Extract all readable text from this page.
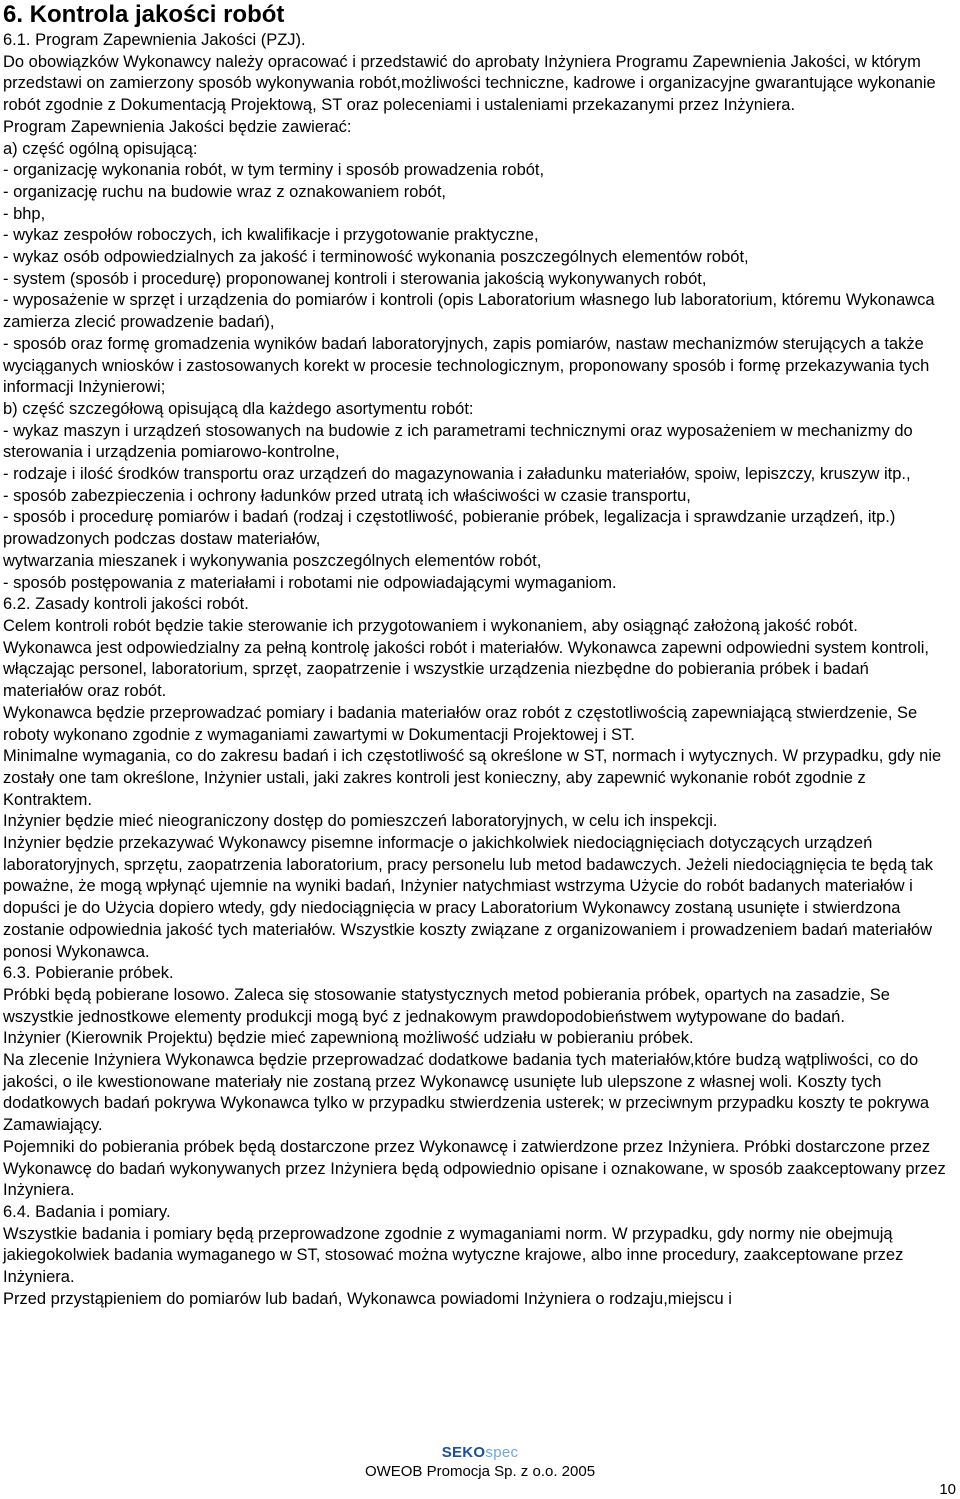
6. Kontrola jakości robót

6.1. Program Zapewnienia Jakości (PZJ).

Do obowiązków Wykonawcy należy opracować i przedstawić do aprobaty Inżyniera Programu Zapewnienia Jakości, w którym przedstawi on zamierzony sposób wykonywania robót,możliwości techniczne, kadrowe i organizacyjne gwarantujące wykonanie robót zgodnie z Dokumentacją Projektową, ST oraz poleceniami i ustaleniami przekazanymi przez Inżyniera.

Program Zapewnienia Jakości będzie zawierać:

a) część ogólną opisującą:

- organizację wykonania robót, w tym terminy i sposób prowadzenia robót,

- organizację ruchu na budowie wraz z oznakowaniem robót,

- bhp,

- wykaz zespołów roboczych, ich kwalifikacje i przygotowanie praktyczne,

- wykaz osób odpowiedzialnych za jakość i terminowość wykonania poszczególnych elementów robót,

- system (sposób i procedurę) proponowanej kontroli i sterowania jakością wykonywanych robót,

- wyposażenie w sprzęt i urządzenia do pomiarów i kontroli (opis Laboratorium własnego lub laboratorium, któremu Wykonawca zamierza zlecić prowadzenie badań),

- sposób oraz formę gromadzenia wyników badań laboratoryjnych, zapis pomiarów, nastaw mechanizmów sterujących a także wyciąganych wniosków i zastosowanych korekt w procesie technologicznym, proponowany sposób i formę przekazywania tych informacji Inżynierowi;

b) część szczegółową opisującą dla każdego asortymentu robót:

- wykaz maszyn i urządzeń stosowanych na budowie z ich parametrami technicznymi oraz wyposażeniem w mechanizmy do sterowania i urządzenia pomiarowo-kontrolne,

- rodzaje i ilość środków transportu oraz urządzeń do magazynowania i załadunku materiałów, spoiw, lepiszczy, kruszyw itp.,

- sposób zabezpieczenia i ochrony ładunków przed utratą ich właściwości w czasie transportu,

- sposób i procedurę pomiarów i badań (rodzaj i częstotliwość, pobieranie próbek, legalizacja i sprawdzanie urządzeń, itp.) prowadzonych podczas dostaw materiałów,

wytwarzania mieszanek i wykonywania poszczególnych elementów robót,

- sposób postępowania z materiałami i robotami nie odpowiadającymi wymaganiom.

6.2. Zasady kontroli jakości robót.

Celem kontroli robót będzie takie sterowanie ich przygotowaniem i wykonaniem, aby osiągnąć założoną jakość robót.

Wykonawca jest odpowiedzialny za pełną kontrolę jakości robót i materiałów. Wykonawca zapewni odpowiedni system kontroli, włączając personel, laboratorium, sprzęt, zaopatrzenie i wszystkie urządzenia niezbędne do pobierania próbek i badań materiałów oraz robót.

Wykonawca będzie przeprowadzać pomiary i badania materiałów oraz robót z częstotliwością zapewniającą stwierdzenie, Se roboty wykonano zgodnie z wymaganiami zawartymi w Dokumentacji Projektowej i ST.

Minimalne wymagania, co do zakresu badań i ich częstotliwość są określone w ST, normach i wytycznych. W przypadku, gdy nie zostały one tam określone, Inżynier ustali, jaki zakres kontroli jest konieczny, aby zapewnić wykonanie robót zgodnie z Kontraktem.

Inżynier będzie mieć nieograniczony dostęp do pomieszczeń laboratoryjnych, w celu ich inspekcji.

Inżynier będzie przekazywać Wykonawcy pisemne informacje o jakichkolwiek niedociągnięciach dotyczących urządzeń laboratoryjnych, sprzętu, zaopatrzenia laboratorium, pracy personelu lub metod badawczych. Jeżeli niedociągnięcia te będą tak poważne, że mogą wpłynąć ujemnie na wyniki badań, Inżynier natychmiast wstrzyma Użycie do robót badanych materiałów i dopuści je do Użycia dopiero wtedy, gdy niedociągnięcia w pracy Laboratorium Wykonawcy zostaną usunięte i stwierdzona zostanie odpowiednia jakość tych materiałów. Wszystkie koszty związane z organizowaniem i prowadzeniem badań materiałów ponosi Wykonawca.

6.3. Pobieranie próbek.

Próbki będą pobierane losowo. Zaleca się stosowanie statystycznych metod pobierania próbek, opartych na zasadzie, Se wszystkie jednostkowe elementy produkcji mogą być z jednakowym prawdopodobieństwem wytypowane do badań.

Inżynier (Kierownik Projektu) będzie mieć zapewnioną możliwość udziału w pobieraniu próbek.

Na zlecenie Inżyniera Wykonawca będzie przeprowadzać dodatkowe badania tych materiałów,które budzą wątpliwości, co do jakości, o ile kwestionowane materiały nie zostaną przez Wykonawcę usunięte lub ulepszone z własnej woli. Koszty tych dodatkowych badań pokrywa Wykonawca tylko w przypadku stwierdzenia usterek; w przeciwnym przypadku koszty te pokrywa Zamawiający.

Pojemniki do pobierania próbek będą dostarczone przez Wykonawcę i zatwierdzone przez Inżyniera. Próbki dostarczone przez Wykonawcę do badań wykonywanych przez Inżyniera będą odpowiednio opisane i oznakowane, w sposób zaakceptowany przez Inżyniera.

6.4. Badania i pomiary.

Wszystkie badania i pomiary będą przeprowadzone zgodnie z wymaganiami norm. W przypadku, gdy normy nie obejmują jakiegokolwiek badania wymaganego w ST, stosować można wytyczne krajowe, albo inne procedury, zaakceptowane przez Inżyniera.

Przed przystąpieniem do pomiarów lub badań, Wykonawca powiadomi Inżyniera o rodzaju,miejscu i

SEKOspec
OWEOB Promocja Sp. z o.o. 2005
10
